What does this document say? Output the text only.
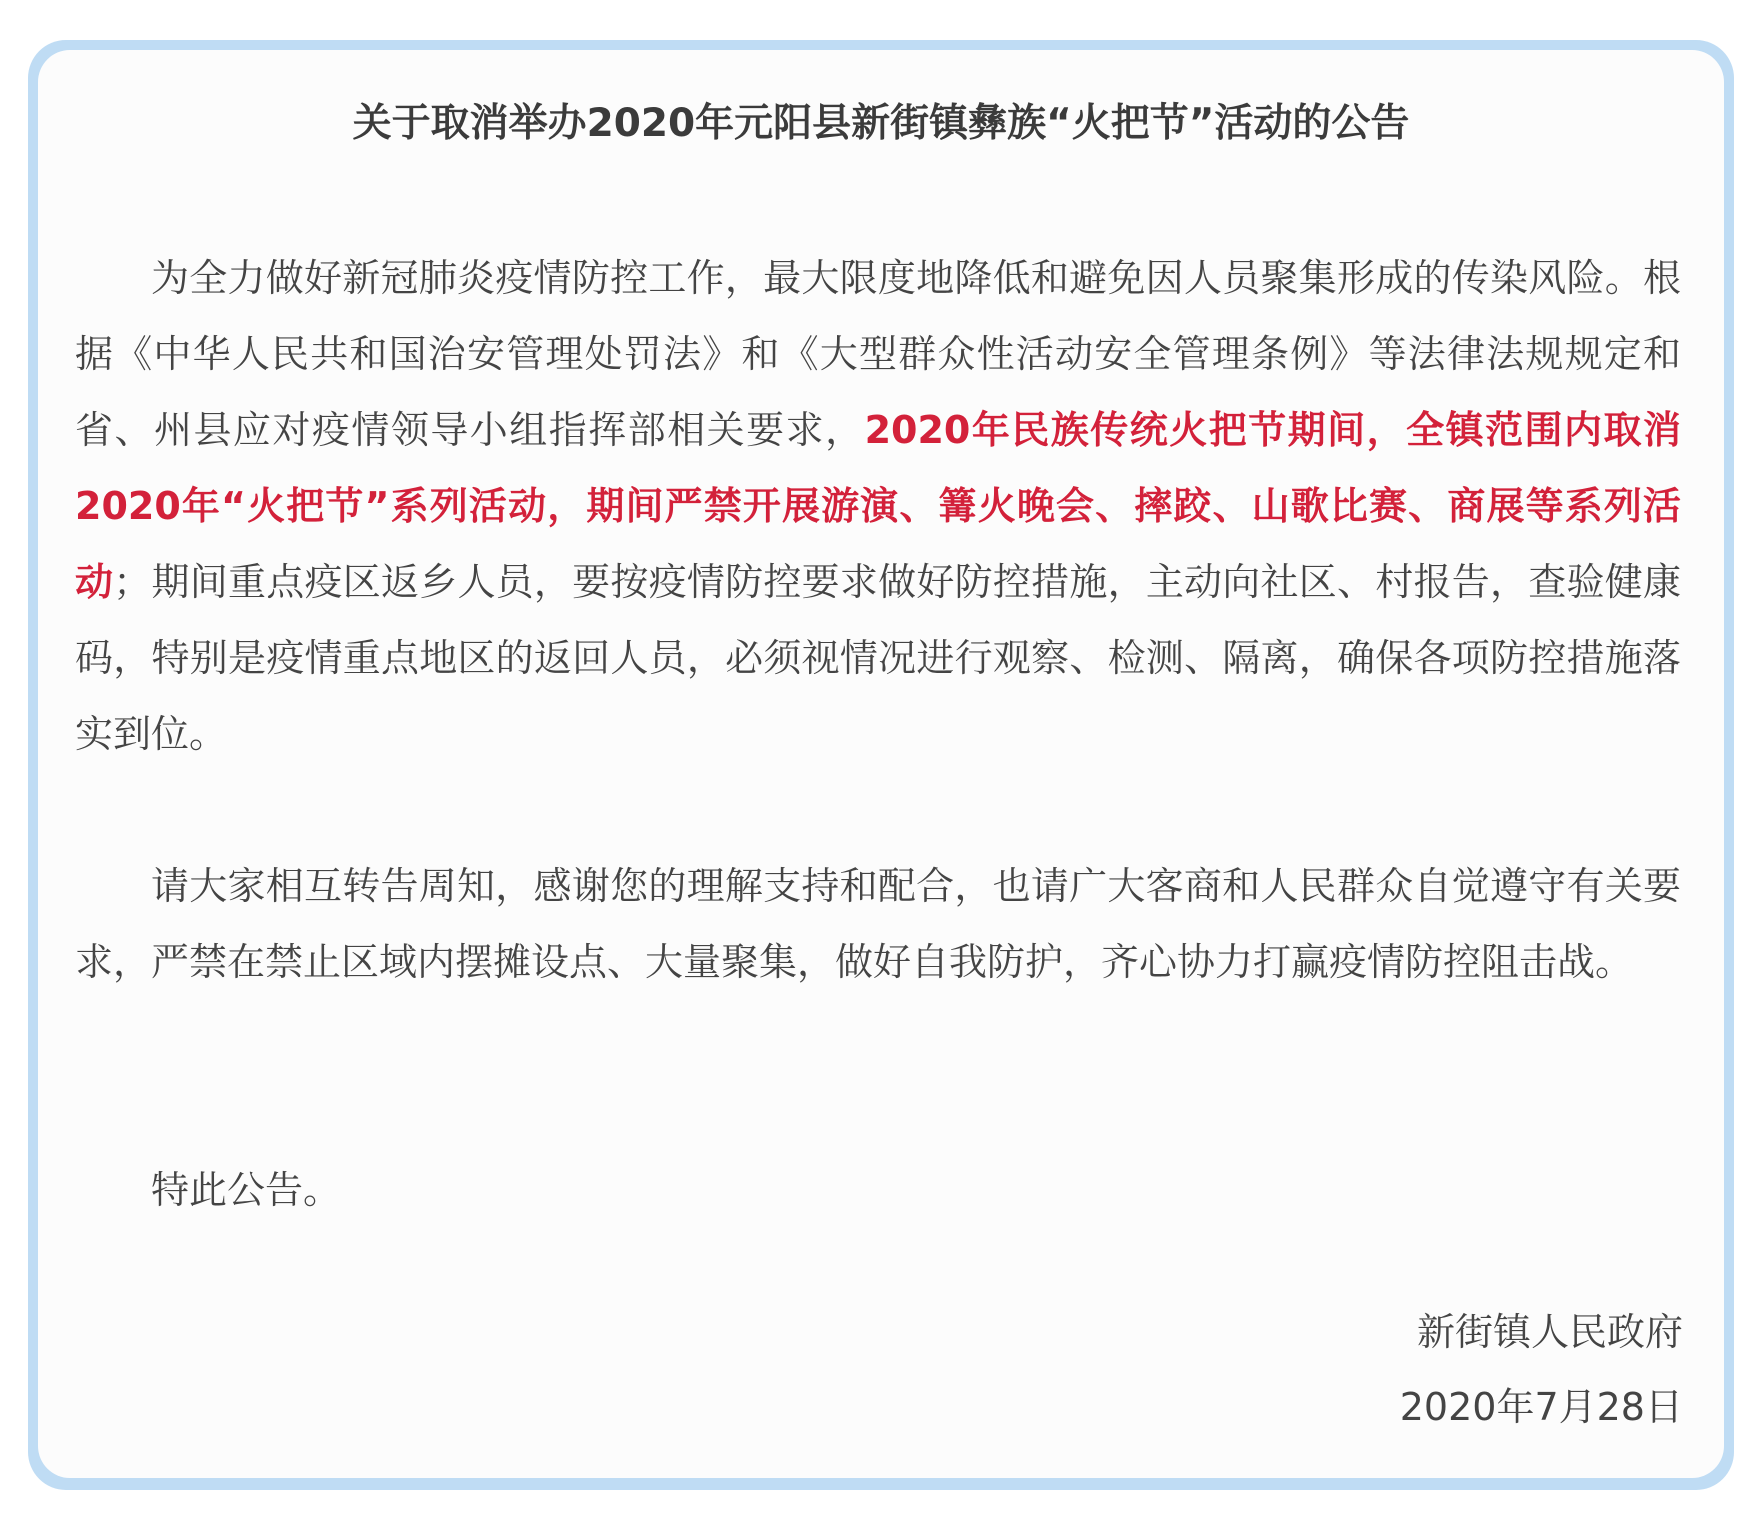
关于取消举办2020年元阳县新街镇彝族“火把节”活动的公告

为全力做好新冠肺炎疫情防控工作，最大限度地降低和避免因人员聚集形成的传染风险。根据《中华人民共和国治安管理处罚法》和《大型群众性活动安全管理条例》等法律法规规定和省、州县应对疫情领导小组指挥部相关要求，2020年民族传统火把节期间，全镇范围内取消2020年“火把节”系列活动，期间严禁开展游演、篝火晚会、摔跤、山歌比赛、商展等系列活动；期间重点疫区返乡人员，要按疫情防控要求做好防控措施，主动向社区、村报告，查验健康码，特别是疫情重点地区的返回人员，必须视情况进行观察、检测、隔离，确保各项防控措施落实到位。

请大家相互转告周知，感谢您的理解支持和配合，也请广大客商和人民群众自觉遵守有关要求，严禁在禁止区域内摆摊设点、大量聚集，做好自我防护，齐心协力打赢疫情防控阻击战。

特此公告。

新街镇人民政府

2020年7月28日
